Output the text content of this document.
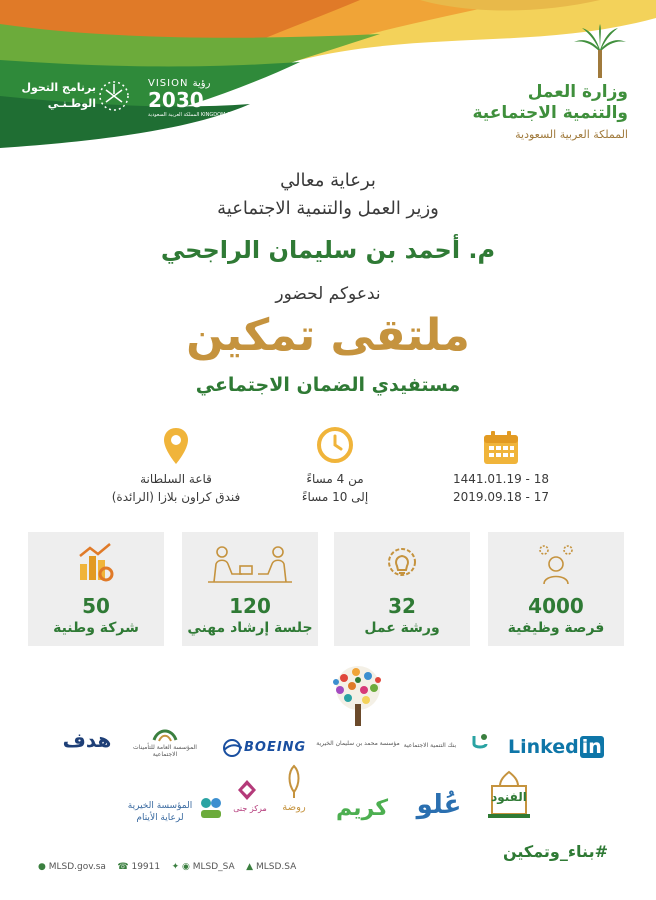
وزارة العمل
والتنمية الاجتماعية
المملكة العربية السعودية
VISION رؤية
2030
المملكة العربية السعودية KINGDOM OF SAUDI ARABIA
برنامج التحول
الوطـنـي
برعاية معالي
وزير العمل والتنمية الاجتماعية
م. أحمد بن سليمان الراجحي
ندعوكم لحضور
ملتقى تمكين
مستفيدي الضمان الاجتماعي
1441.01.19 - 18
2019.09.18 - 17
من 4 مساءً
إلى 10 مساءً
قاعة السلطانة
فندق كراون بلازا (الرائدة)
50
شركة وطنية
120
جلسة إرشاد مهني
32
ورشة عمل
4000
فرصة وظيفية
مؤسسة محمد بن سليمان الخيرية
هدف	المؤسسة العامة للتأمينات الاجتماعية	BOEING	بنك التنمية الاجتماعية	Linked in
المؤسسة الخيرية لرعاية الأيتام
مركز جنى	روضة	كريم	عُلو	الفنود
#بناء_وتمكين
● MLSD.gov.sa ☎ 19911 ✦ ◉ MLSD_SA ▲ MLSD.SA
